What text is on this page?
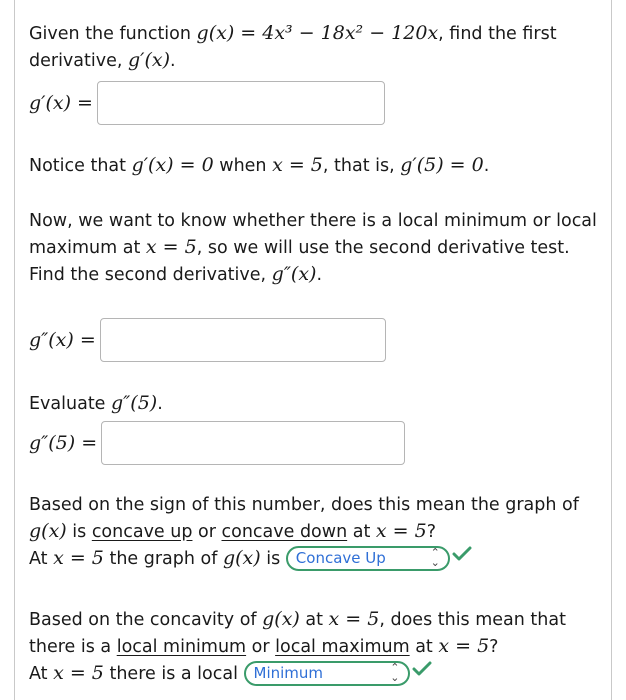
Given the function g(x) = 4x³ − 18x² − 120x, find the first derivative, g′(x).
g′(x) =
Notice that g′(x) = 0 when x = 5, that is, g′(5) = 0.
Now, we want to know whether there is a local minimum or local maximum at x = 5, so we will use the second derivative test.
Find the second derivative, g″(x).
g″(x) =
Evaluate g″(5).
g″(5) =
Based on the sign of this number, does this mean the graph of g(x) is concave up or concave down at x = 5?
At x = 5 the graph of g(x) is Concave Up	⌃
⌄
Based on the concavity of g(x) at x = 5, does this mean that there is a local minimum or local maximum at x = 5?
At x = 5 there is a local Minimum	⌃
⌄
